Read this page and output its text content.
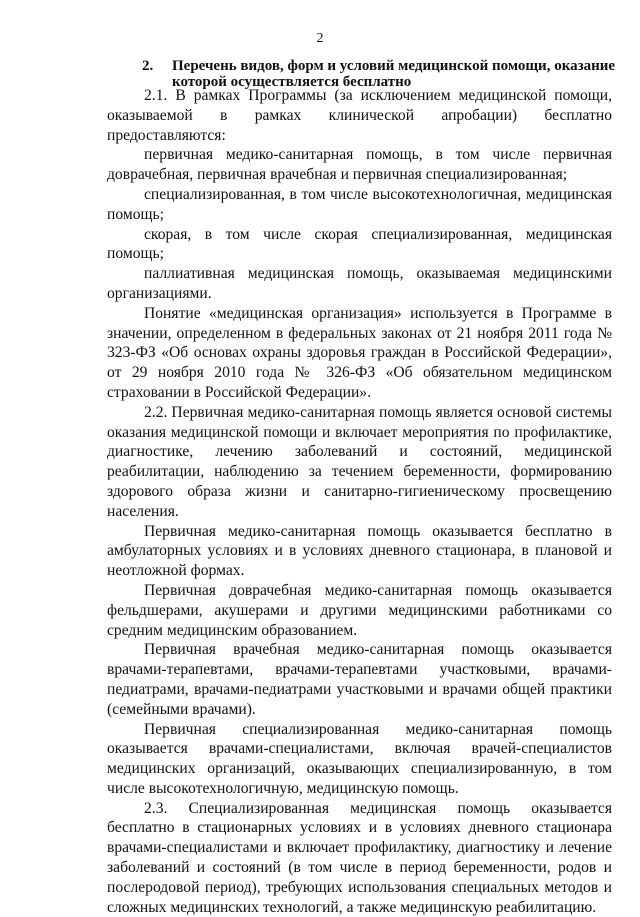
2
2.	Перечень видов, форм и условий медицинской помощи, оказание
которой осуществляется бесплатно

2.1. В рамках Программы (за исключением медицинской помощи, оказываемой в рамках клинической апробации) бесплатно предоставляются:

первичная медико-санитарная помощь, в том числе первичная доврачебная, первичная врачебная и первичная специализированная;

специализированная, в том числе высокотехнологичная, медицинская помощь;

скорая, в том числе скорая специализированная, медицинская помощь;

паллиативная медицинская помощь, оказываемая медицинскими организациями.

Понятие «медицинская организация» используется в Программе в значении, определенном в федеральных законах от 21 ноября 2011 года № 323-ФЗ «Об основах охраны здоровья граждан в Российской Федерации», от 29 ноября 2010 года № 326-ФЗ «Об обязательном медицинском страховании в Российской Федерации».

2.2. Первичная медико-санитарная помощь является основой системы оказания медицинской помощи и включает мероприятия по профилактике, диагностике, лечению заболеваний и состояний, медицинской реабилитации, наблюдению за течением беременности, формированию здорового образа жизни и санитарно-гигиеническому просвещению населения.

Первичная медико-санитарная помощь оказывается бесплатно в амбулаторных условиях и в условиях дневного стационара, в плановой и неотложной формах.

Первичная доврачебная медико-санитарная помощь оказывается фельдшерами, акушерами и другими медицинскими работниками со средним медицинским образованием.

Первичная врачебная медико-санитарная помощь оказывается врачами-терапевтами, врачами-терапевтами участковыми, врачами-педиатрами, врачами-педиатрами участковыми и врачами общей практики (семейными врачами).

Первичная специализированная медико-санитарная помощь оказывается врачами-специалистами, включая врачей-специалистов медицинских организаций, оказывающих специализированную, в том числе высокотехнологичную, медицинскую помощь.

2.3. Специализированная медицинская помощь оказывается бесплатно в стационарных условиях и в условиях дневного стационара врачами-специалистами и включает профилактику, диагностику и лечение заболеваний и состояний (в том числе в период беременности, родов и послеродовой период), требующих использования специальных методов и сложных медицинских технологий, а также медицинскую реабилитацию.
